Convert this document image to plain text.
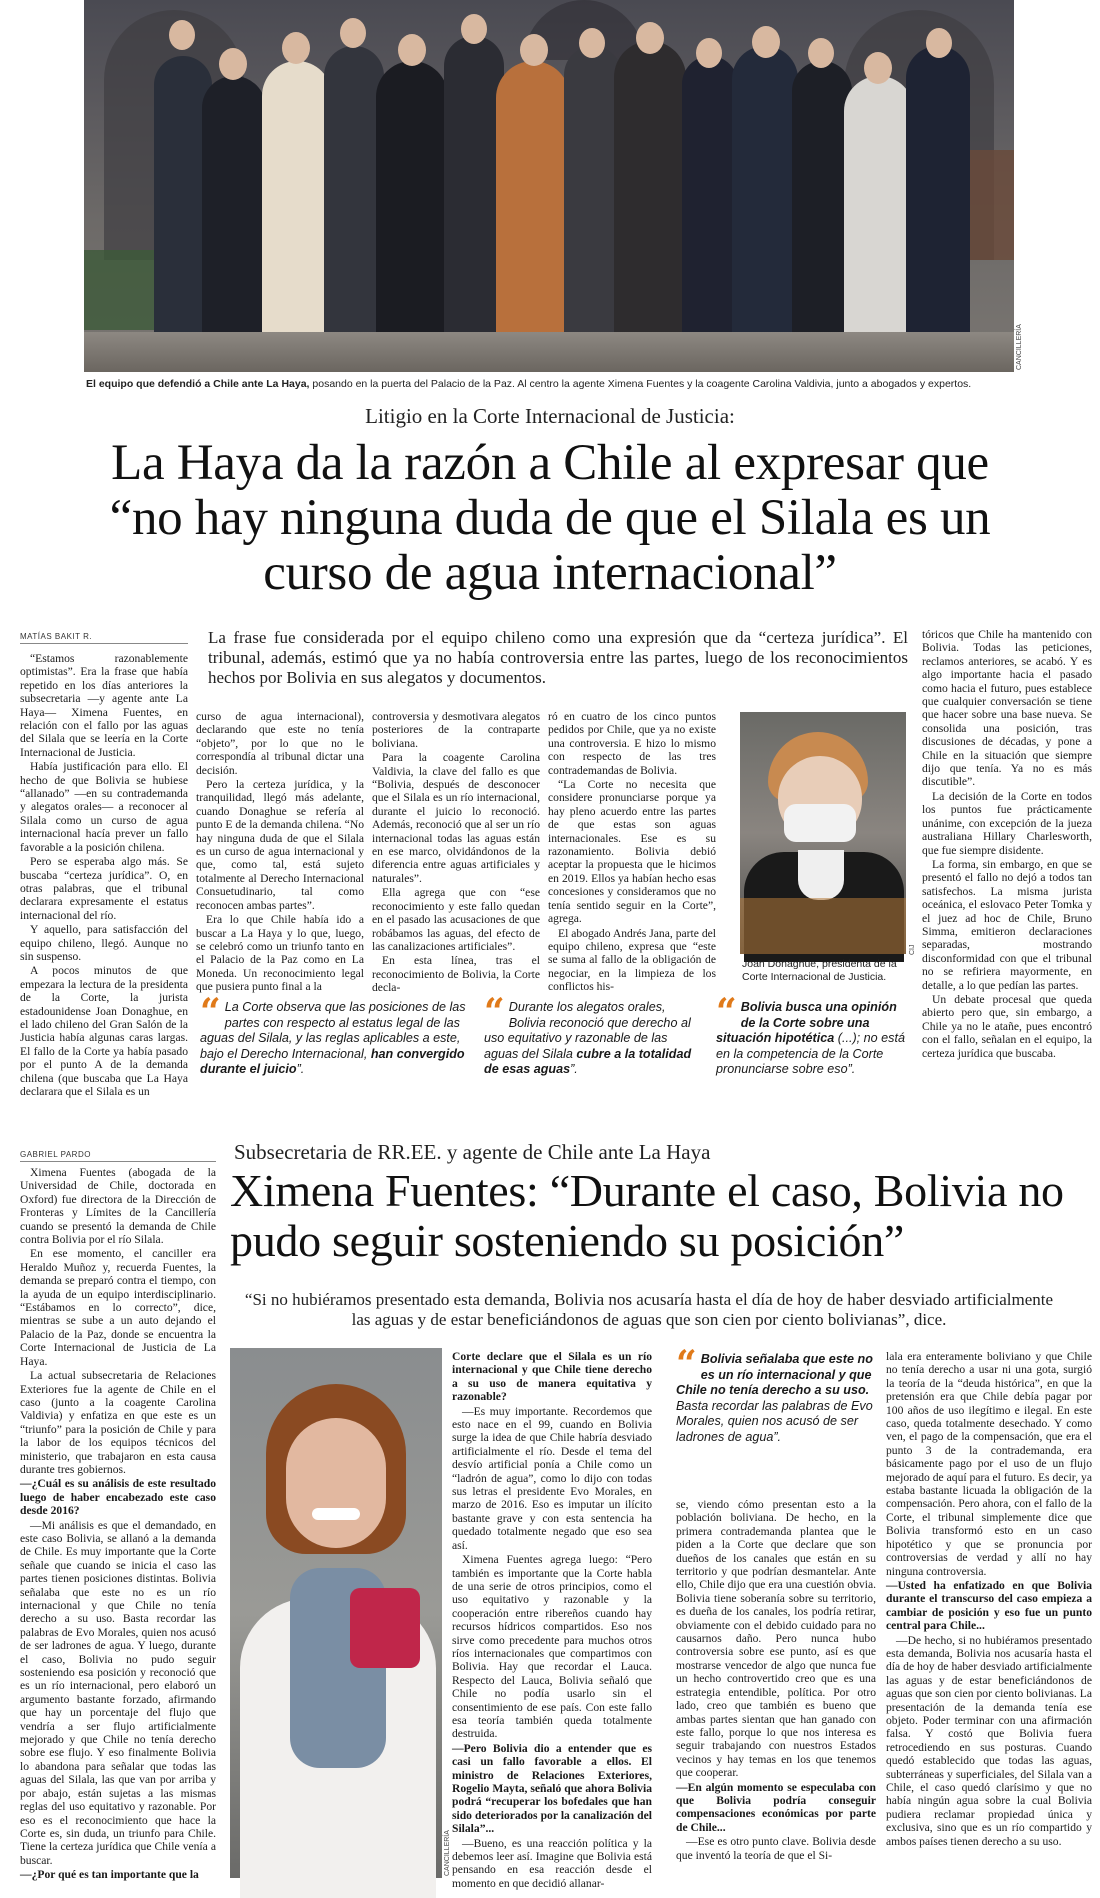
CANCILLERÍA
El equipo que defendió a Chile ante La Haya, posando en la puerta del Palacio de la Paz. Al centro la agente Ximena Fuentes y la coagente Carolina Valdivia, junto a abogados y expertos.
Litigio en la Corte Internacional de Justicia:
La Haya da la razón a Chile al expresar que
“no hay ninguna duda de que el Silala es un
curso de agua internacional”
MATÍAS BAKIT R.	La frase fue considerada por el equipo chileno como una expresión que da “certeza jurídica”. El tribunal, además, estimó que ya no había controversia entre las partes, luego de los reconocimientos hechos por Bolivia en sus alegatos y documentos.

“Estamos razonablemente optimistas”. Era la frase que había repetido en los días anteriores la subsecretaria —y agente ante La Haya— Ximena Fuentes, en relación con el fallo por las aguas del Silala que se leería en la Corte Internacional de Justicia.

Había justificación para ello. El hecho de que Bolivia se hubiese “allanado” —en su contrademanda y alegatos orales— a reconocer al Silala como un curso de agua internacional hacía prever un fallo favorable a la posición chilena.

Pero se esperaba algo más. Se buscaba “certeza jurídica”. O, en otras palabras, que el tribunal declarara expresamente el estatus internacional del río.

Y aquello, para satisfacción del equipo chileno, llegó. Aunque no sin suspenso.

A pocos minutos de que empezara la lectura de la presidenta de la Corte, la jurista estadounidense Joan Donaghue, en el lado chileno del Gran Salón de la Justicia había algunas caras largas. El fallo de la Corte ya había pasado por el punto A de la demanda chilena (que buscaba que La Haya declarara que el Silala es un

curso de agua internacional), declarando que este no tenía “objeto”, por lo que no le correspondía al tribunal dictar una decisión.

Pero la certeza jurídica, y la tranquilidad, llegó más adelante, cuando Donaghue se refería al punto E de la demanda chilena. “No hay ninguna duda de que el Silala es un curso de agua internacional y que, como tal, está sujeto totalmente al Derecho Internacional Consuetudinario, tal como reconocen ambas partes”.

Era lo que Chile había ido a buscar a La Haya y lo que, luego, se celebró como un triunfo tanto en el Palacio de la Paz como en La Moneda. Un reconocimiento legal que pusiera punto final a la

controversia y desmotivara alegatos posteriores de la contraparte boliviana.

Para la coagente Carolina Valdivia, la clave del fallo es que “Bolivia, después de desconocer que el Silala es un río internacional, durante el juicio lo reconoció. Además, reconoció que al ser un río internacional todas las aguas están en ese marco, olvidándonos de la diferencia entre aguas artificiales y naturales”.

Ella agrega que con “ese reconocimiento y este fallo quedan en el pasado las acusaciones de que robábamos las aguas, del efecto de las canalizaciones artificiales”.

En esta línea, tras el reconocimiento de Bolivia, la Corte decla-

ró en cuatro de los cinco puntos pedidos por Chile, que ya no existe una controversia. E hizo lo mismo con respecto de las tres contrademandas de Bolivia.

“La Corte no necesita que considere pronunciarse porque ya hay pleno acuerdo entre las partes de que estas son aguas internacionales. Ese es su razonamiento. Bolivia debió aceptar la propuesta que le hicimos en 2019. Ellos ya habían hecho esas concesiones y consideramos que no tenía sentido seguir en la Corte”, agrega.

El abogado Andrés Jana, parte del equipo chileno, expresa que “este se suma al fallo de la obligación de negociar, en la limpieza de los conflictos his-

CIJ
Joan Donaghue, presidenta de la Corte Internacional de Justicia.

tóricos que Chile ha mantenido con Bolivia. Todas las peticiones, reclamos anteriores, se acabó. Y es algo importante hacia el pasado como hacia el futuro, pues establece que cualquier conversación se tiene que hacer sobre una base nueva. Se consolida una posición, tras discusiones de décadas, y pone a Chile en la situación que siempre dijo que tenía. Ya no es más discutible”.

La decisión de la Corte en todos los puntos fue prácticamente unánime, con excepción de la jueza australiana Hillary Charlesworth, que fue siempre disidente.

La forma, sin embargo, en que se presentó el fallo no dejó a todos tan satisfechos. La misma jurista oceánica, el eslovaco Peter Tomka y el juez ad hoc de Chile, Bruno Simma, emitieron declaraciones separadas, mostrando disconformidad con que el tribunal no se refiriera mayormente, en detalle, a lo que pedían las partes.

Un debate procesal que queda abierto pero que, sin embargo, a Chile ya no le atañe, pues encontró con el fallo, señalan en el equipo, la certeza jurídica que buscaba.

“ La Corte observa que las posiciones de las partes con respecto al estatus legal de las aguas del Silala, y las reglas aplicables a este, bajo el Derecho Internacional, han convergido durante el juicio”.
“ Durante los alegatos orales, Bolivia reconoció que derecho al uso equitativo y razonable de las aguas del Silala cubre a la totalidad de esas aguas”.
“ Bolivia busca una opinión de la Corte sobre una situación hipotética (...); no está en la competencia de la Corte pronunciarse sobre eso”.
GABRIEL PARDO	Subsecretaria de RR.EE. y agente de Chile ante La Haya
Ximena Fuentes: “Durante el caso, Bolivia no
pudo seguir sosteniendo su posición”
“Si no hubiéramos presentado esta demanda, Bolivia nos acusaría hasta el día de hoy de haber desviado artificialmente las aguas y de estar beneficiándonos de aguas que son cien por ciento bolivianas”, dice.

Ximena Fuentes (abogada de la Universidad de Chile, doctorada en Oxford) fue directora de la Dirección de Fronteras y Límites de la Cancillería cuando se presentó la demanda de Chile contra Bolivia por el río Silala.

En ese momento, el canciller era Heraldo Muñoz y, recuerda Fuentes, la demanda se preparó contra el tiempo, con la ayuda de un equipo interdisciplinario. “Estábamos en lo correcto”, dice, mientras se sube a un auto dejando el Palacio de la Paz, donde se encuentra la Corte Internacional de Justicia de La Haya.

La actual subsecretaria de Relaciones Exteriores fue la agente de Chile en el caso (junto a la coagente Carolina Valdivia) y enfatiza en que este es un “triunfo” para la posición de Chile y para la labor de los equipos técnicos del ministerio, que trabajaron en esta causa durante tres gobiernos.

—¿Cuál es su análisis de este resultado luego de haber encabezado este caso desde 2016?

—Mi análisis es que el demandado, en este caso Bolivia, se allanó a la demanda de Chile. Es muy importante que la Corte señale que cuando se inicia el caso las partes tienen posiciones distintas. Bolivia señalaba que este no es un río internacional y que Chile no tenía derecho a su uso. Basta recordar las palabras de Evo Morales, quien nos acusó de ser ladrones de agua. Y luego, durante el caso, Bolivia no pudo seguir sosteniendo esa posición y reconoció que es un río internacional, pero elaboró un argumento bastante forzado, afirmando que hay un porcentaje del flujo que vendría a ser flujo artificialmente mejorado y que Chile no tenía derecho sobre ese flujo. Y eso finalmente Bolivia lo abandona para señalar que todas las aguas del Silala, las que van por arriba y por abajo, están sujetas a las mismas reglas del uso equitativo y razonable. Por eso es el reconocimiento que hace la Corte es, sin duda, un triunfo para Chile. Tiene la certeza jurídica que Chile venía a buscar.

—¿Por qué es tan importante que la	CANCILLERÍA

Corte declare que el Silala es un río internacional y que Chile tiene derecho a su uso de manera equitativa y razonable?

—Es muy importante. Recordemos que esto nace en el 99, cuando en Bolivia surge la idea de que Chile habría desviado artificialmente el río. Desde el tema del desvío artificial ponía a Chile como un “ladrón de agua”, como lo dijo con todas sus letras el presidente Evo Morales, en marzo de 2016. Eso es imputar un ilícito bastante grave y con esta sentencia ha quedado totalmente negado que eso sea así.

Ximena Fuentes agrega luego: “Pero también es importante que la Corte habla de una serie de otros principios, como el uso equitativo y razonable y la cooperación entre ribereños cuando hay recursos hídricos compartidos. Eso nos sirve como precedente para muchos otros ríos internacionales que compartimos con Bolivia. Hay que recordar el Lauca. Respecto del Lauca, Bolivia señaló que Chile no podía usarlo sin el consentimiento de ese país. Con este fallo esa teoría también queda totalmente destruida.

—Pero Bolivia dio a entender que es casi un fallo favorable a ellos. El ministro de Relaciones Exteriores, Rogelio Mayta, señaló que ahora Bolivia podrá “recuperar los bofedales que han sido deteriorados por la canalización del Silala”...

—Bueno, es una reacción política y la debemos leer así. Imagine que Bolivia está pensando en esa reacción desde el momento en que decidió allanar-

“ Bolivia señalaba que este no es un río internacional y que Chile no tenía derecho a su uso. Basta recordar las palabras de Evo Morales, quien nos acusó de ser ladrones de agua”.

se, viendo cómo presentan esto a la población boliviana. De hecho, en la primera contrademanda plantea que le piden a la Corte que declare que son dueños de los canales que están en su territorio y que podrían desmantelar. Ante ello, Chile dijo que era una cuestión obvia. Bolivia tiene soberanía sobre su territorio, es dueña de los canales, los podría retirar, obviamente con el debido cuidado para no causarnos daño. Pero nunca hubo controversia sobre ese punto, así es que mostrarse vencedor de algo que nunca fue un hecho controvertido creo que es una estrategia entendible, política. Por otro lado, creo que también es bueno que ambas partes sientan que han ganado con este fallo, porque lo que nos interesa es seguir trabajando con nuestros Estados vecinos y hay temas en los que tenemos que cooperar.

—En algún momento se especulaba con que Bolivia podría conseguir compensaciones económicas por parte de Chile...

—Ese es otro punto clave. Bolivia desde que inventó la teoría de que el Si-

lala era enteramente boliviano y que Chile no tenía derecho a usar ni una gota, surgió la teoría de la “deuda histórica”, en que la pretensión era que Chile debía pagar por 100 años de uso ilegítimo e ilegal. En este caso, queda totalmente desechado. Y como ven, el pago de la compensación, que era el punto 3 de la contrademanda, era básicamente pago por el uso de un flujo mejorado de aquí para el futuro. Es decir, ya estaba bastante licuada la obligación de la compensación. Pero ahora, con el fallo de la Corte, el tribunal simplemente dice que Bolivia transformó esto en un caso hipotético y que se pronuncia por controversias de verdad y allí no hay ninguna controversia.

—Usted ha enfatizado en que Bolivia durante el transcurso del caso empieza a cambiar de posición y eso fue un punto central para Chile...

—De hecho, si no hubiéramos presentado esta demanda, Bolivia nos acusaría hasta el día de hoy de haber desviado artificialmente las aguas y de estar beneficiándonos de aguas que son cien por ciento bolivianas. La presentación de la demanda tenía ese objeto. Poder terminar con una afirmación falsa. Y costó que Bolivia fuera retrocediendo en sus posturas. Cuando quedó establecido que todas las aguas, subterráneas y superficiales, del Silala van a Chile, el caso quedó clarísimo y que no había ningún agua sobre la cual Bolivia pudiera reclamar propiedad única y exclusiva, sino que es un río compartido y ambos países tienen derecho a su uso.
